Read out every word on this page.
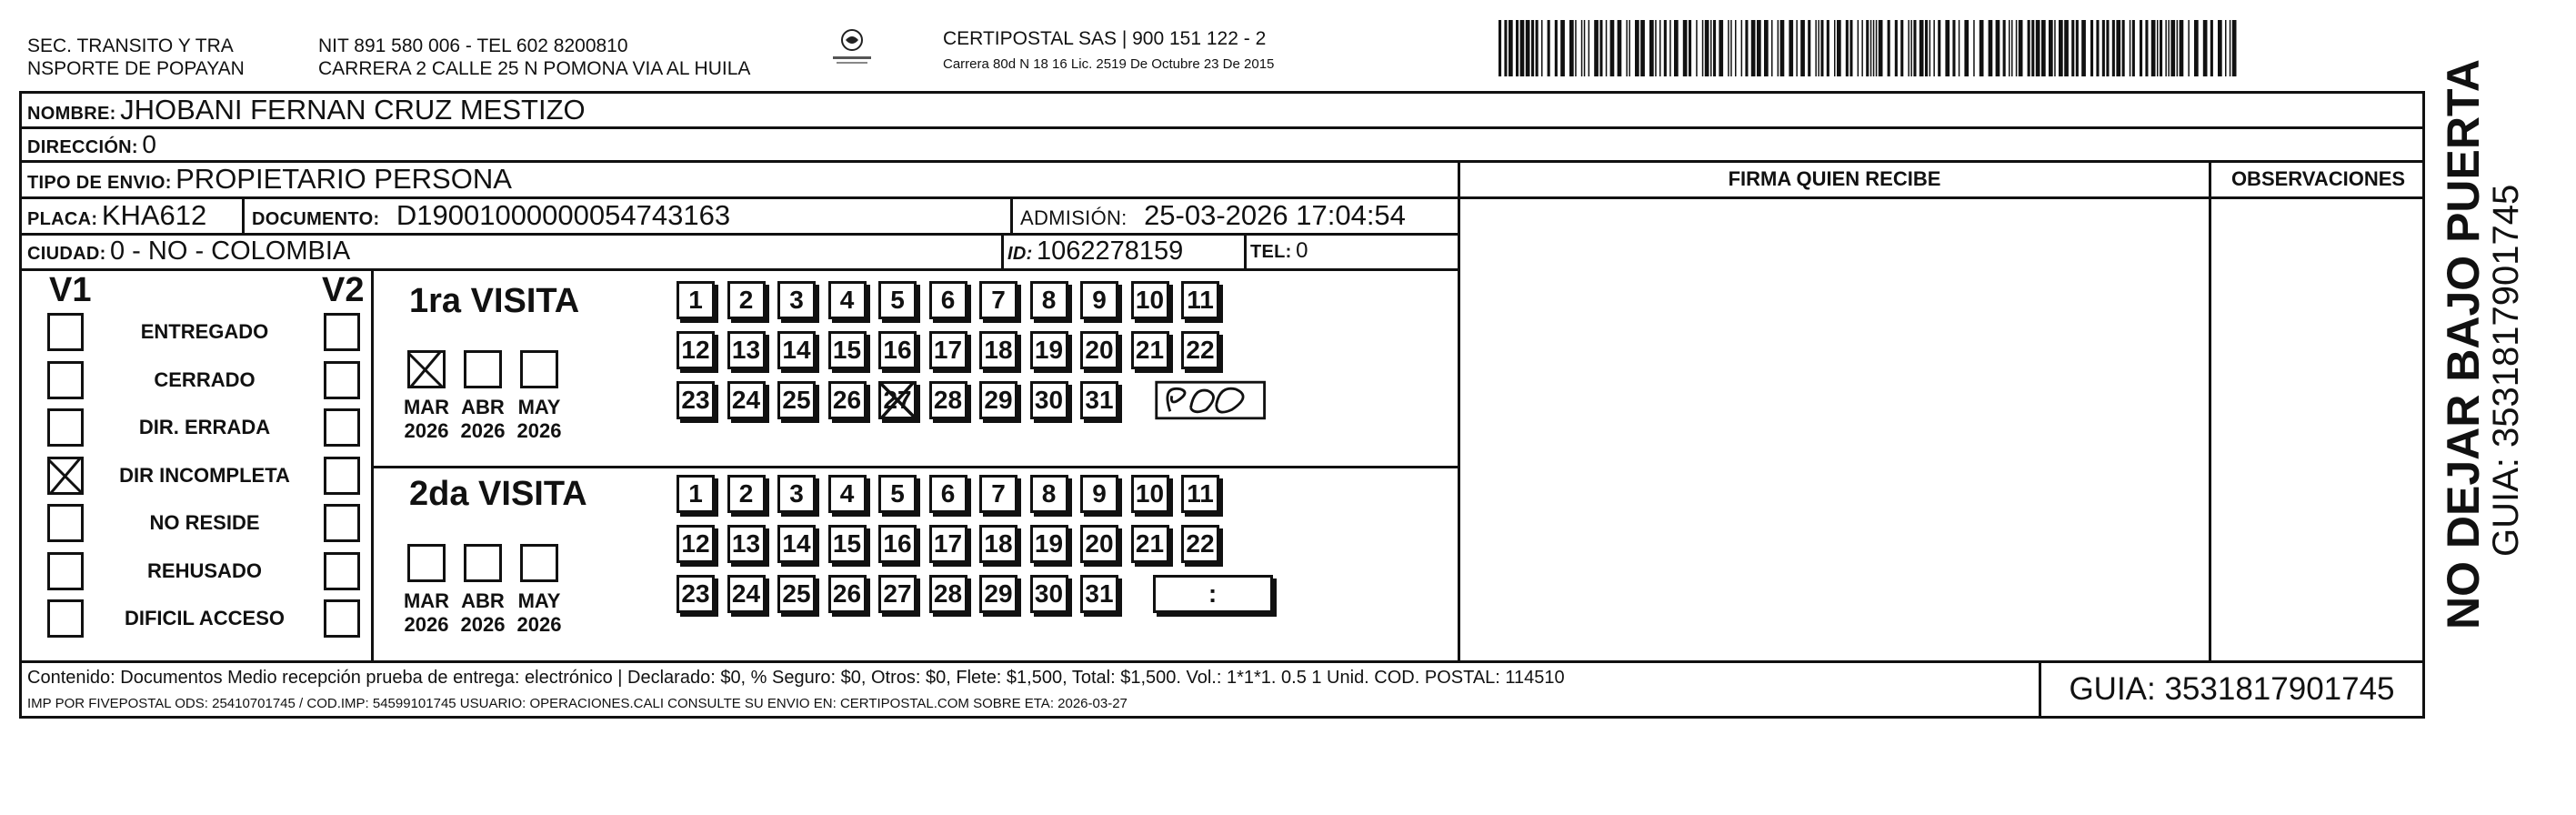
SEC. TRANSITO Y TRA
NSPORTE DE POPAYAN
NIT 891 580 006 - TEL 602 8200810
CARRERA 2 CALLE 25 N POMONA VIA AL HUILA
CERTIPOSTAL SAS | 900 151 122 - 2
Carrera 80d N 18 16 Lic. 2519 De Octubre 23 De 2015
NOMBRE: JHOBANI FERNAN CRUZ MESTIZO
DIRECCIÓN: 0
TIPO DE ENVIO: PROPIETARIO PERSONA	FIRMA QUIEN RECIBE	OBSERVACIONES
PLACA: KHA612 DOCUMENTO: D19001000000054743163	ADMISIÓN: 25-03-2026 17:04:54
CIUDAD: 0 - NO - COLOMBIA	ID: 1062278159	TEL: 0
V1	V2
ENTREGADO
CERRADO
DIR. ERRADA
DIR INCOMPLETA
NO RESIDE
REHUSADO
DIFICIL ACCESO
1ra VISITA
MAR
2026
ABR
2026
MAY
2026
1	2	3	4	5	6	7	8	9	10 11
12 13 14 15 16 17 18 19 20 21 22
23 24 25 26 27 28 29 30 31
2da VISITA
MAR
2026
ABR
2026
MAY
2026
1	2	3	4	5	6	7	8	9	10 11
12 13 14 15 16 17 18 19 20 21 22
23 24 25 26 27 28 29 30 31	:
Contenido: Documentos Medio recepción prueba de entrega: electrónico | Declarado: $0, % Seguro: $0, Otros: $0, Flete: $1,500, Total: $1,500. Vol.: 1*1*1. 0.5 1 Unid. COD. POSTAL: 114510
IMP POR FIVEPOSTAL ODS: 25410701745 / COD.IMP: 54599101745 USUARIO: OPERACIONES.CALI CONSULTE SU ENVIO EN: CERTIPOSTAL.COM SOBRE ETA: 2026-03-27	GUIA: 3531817901745
NO DEJAR BAJO PUERTA
GUIA: 3531817901745
